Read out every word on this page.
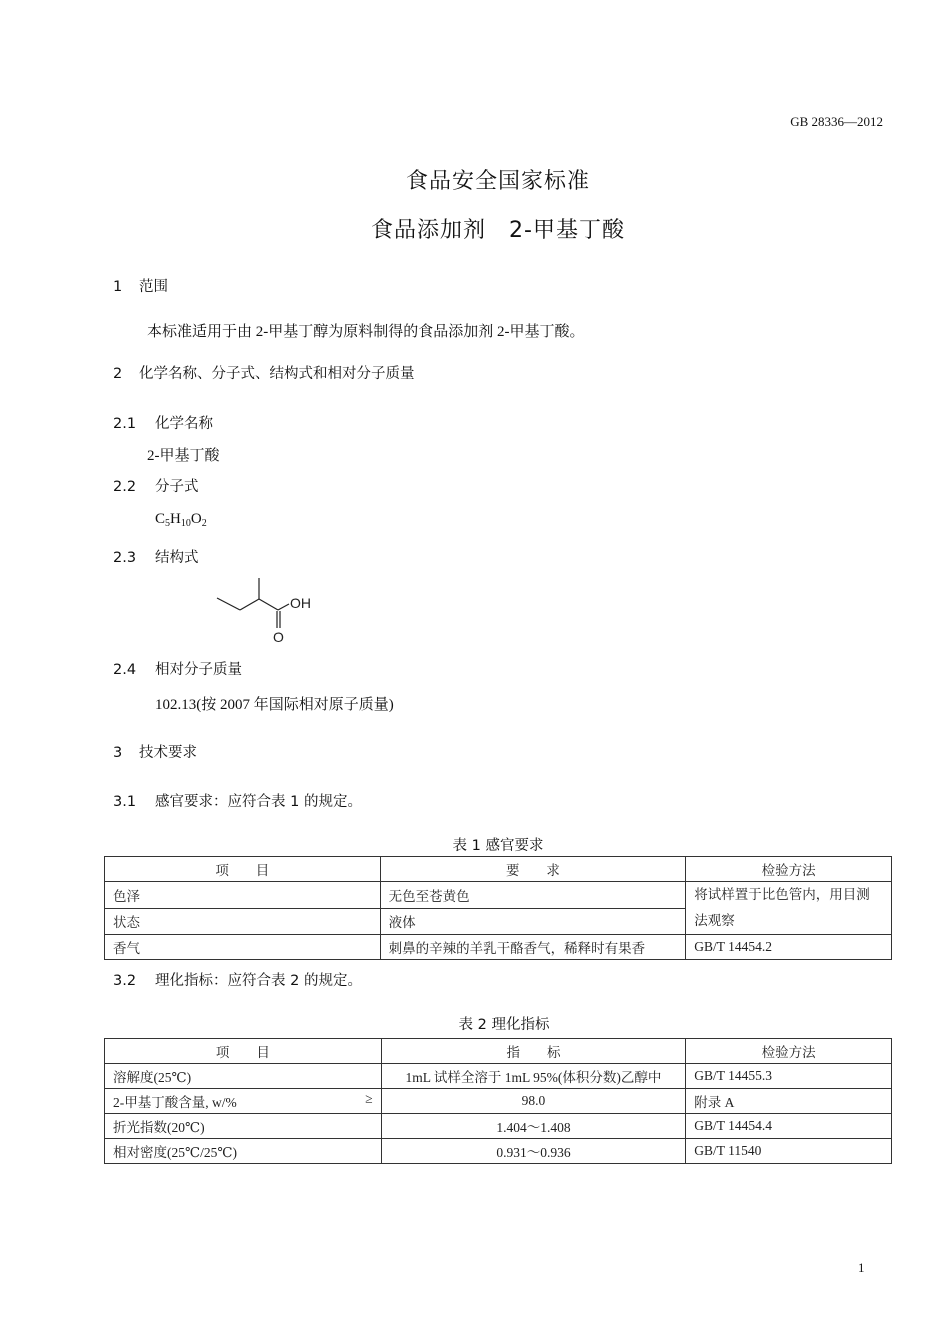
GB 28336—2012
食品安全国家标准
食品添加剂　2-甲基丁酸
1 范围
本标准适用于由 2-甲基丁醇为原料制得的食品添加剂 2-甲基丁酸。
2 化学名称、分子式、结构式和相对分子质量
2.1 化学名称
2-甲基丁酸
2.2 分子式
$C_5H_{10}O_2$
2.3 结构式
OH
O
2.4 相对分子质量
102.13(按 2007 年国际相对原子质量)
3 技术要求
3.1 感官要求：应符合表 1 的规定。
表 1 感官要求
项　　目	要　　求	检验方法
色泽	无色至苍黄色	将试样置于比色管内，用目测法观察
状态	液体	
香气	刺鼻的辛辣的羊乳干酪香气，稀释时有果香	GB/T 14454.2
3.2 理化指标：应符合表 2 的规定。
表 2 理化指标
项　　目	指　　标	检验方法
溶解度(25℃)	1mL 试样全溶于 1mL 95%(体积分数)乙醇中	GB/T 14455.3
2-甲基丁酸含量, w/% ≥	98.0	附录 A
折光指数(20℃)	1.404～1.408	GB/T 14454.4
相对密度(25℃/25℃)	0.931～0.936	GB/T 11540
1
